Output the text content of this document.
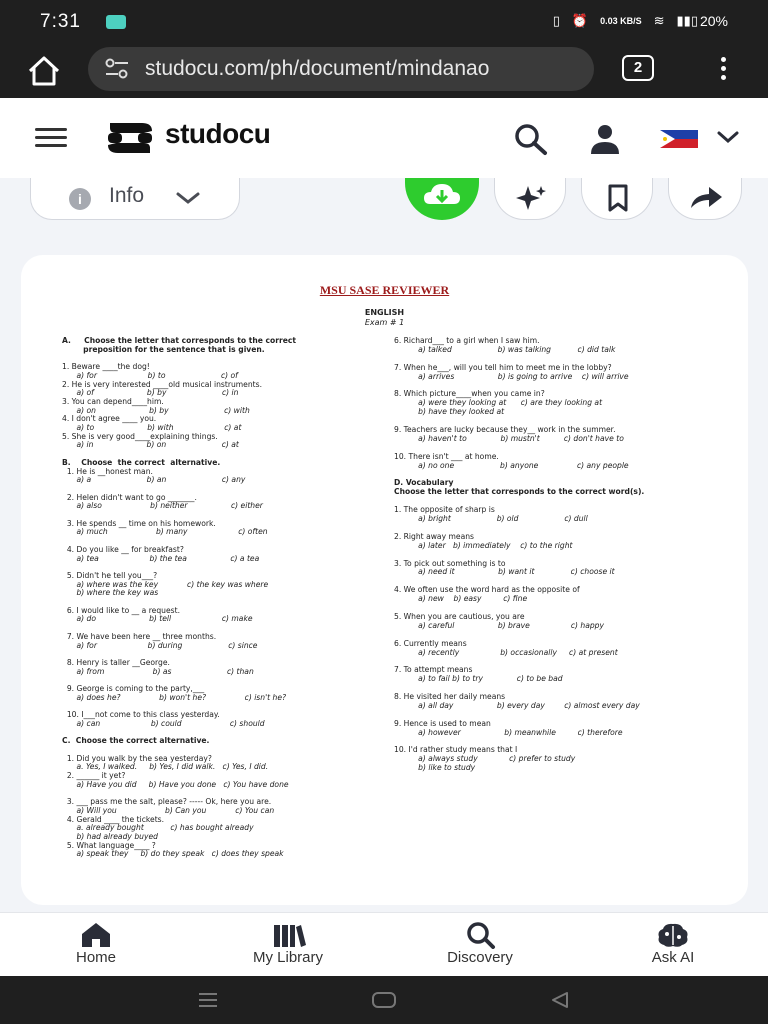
7:31	▯ ⏰ 0.03 KB/S ≋ ▮▮▯ 20%
studocu.com/ph/document/mindanao	2
studocu
i	Info
MSU SASE REVIEWER
ENGLISH
Exam # 1
A.     Choose the letter that corresponds to the correct
preposition for the sentence that is given.
1. Beware ____the dog!
a) for                     b) to                       c) of
2. He is very interested ____old musical instruments.
a) of                      b) by                       c) in
3. You can depend____him.
a) on                      b) by                       c) with
4. I don't agree ____ you.
a) to                      b) with                     c) at
5. She is very good____explaining things.
a) in                      b) on                       c) at
B.    Choose  the correct  alternative.
1. He is __honest man.
a) a                       b) an                       c) any
2. Helen didn't want to go _______.
a) also                    b) neither                  c) either
3. He spends __ time on his homework.
a) much                    b) many                     c) often
4. Do you like __ for breakfast?
a) tea                     b) the tea                  c) a tea
5. Didn't he tell you___?
a) where was the key            c) the key was where
b) where the key was
6. I would like to __ a request.
a) do                      b) tell                     c) make
7. We have been here __ three months.
a) for                     b) during                   c) since
8. Henry is taller __George.
a) from                    b) as                       c) than
9. George is coming to the party,___
a) does he?                b) won't he?                c) isn't he?
10. I___not come to this class yesterday.
a) can                     b) could                    c) should
C.  Choose the correct alternative.
1. Did you walk by the sea yesterday?
a. Yes, I walked.     b) Yes, I did walk.   c) Yes, I did.
2. ______ it yet?
a) Have you did     b) Have you done   c) You have done
3. ___ pass me the salt, please? ----- Ok, here you are.
a) Will you                    b) Can you            c) You can
4. Gerald ____ the tickets.
a. already bought           c) has bought already
b) had already buyed
5. What language____ ?
a) speak they     b) do they speak   c) does they speak
6. Richard___ to a girl when I saw him.
a) talked                   b) was talking           c) did talk
7. When he___, will you tell him to meet me in the lobby?
a) arrives                  b) is going to arrive    c) will arrive
8. Which picture____when you came in?
a) were they looking at      c) are they looking at
b) have they looked at
9. Teachers are lucky because they__ work in the summer.
a) haven't to              b) mustn't          c) don't have to
10. There isn't ___ at home.
a) no one                   b) anyone                c) any people
D. Vocabulary
Choose the letter that corresponds to the correct word(s).
1. The opposite of sharp is
a) bright                   b) old                   c) dull
2. Right away means
a) later   b) immediately    c) to the right
3. To pick out something is to
a) need it                  b) want it               c) choose it
4. We often use the word hard as the opposite of
a) new    b) easy         c) fine
5. When you are cautious, you are
a) careful                  b) brave                 c) happy
6. Currently means
a) recently                 b) occasionally     c) at present
7. To attempt means
a) to fail b) to try              c) to be bad
8. He visited her daily means
a) all day                  b) every day        c) almost every day
9. Hence is used to mean
a) however                  b) meanwhile         c) therefore
10. I'd rather study means that I
a) always study             c) prefer to study
b) like to study
Home	My Library	Discovery	Ask AI
